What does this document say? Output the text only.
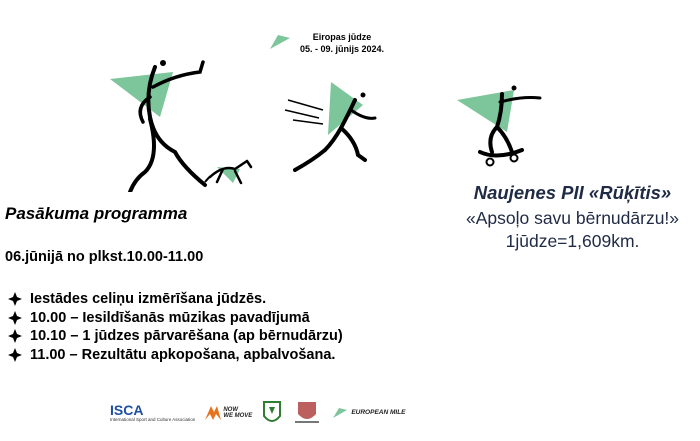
Eiropas jūdze
05. - 09. jūnijs 2024.
Pasākuma programma
06.jūnijā no plkst.10.00-11.00
Iestādes celiņu izmērīšana jūdzēs.
10.00 – Iesildīšanās mūzikas pavadījumā
10.10 – 1 jūdzes pārvarēšana (ap bērnudārzu)
11.00 – Rezultātu apkopošana, apbalvošana.
Naujenes PII «Rūķītis»
«Apsoļo savu bērnudārzu!»
1jūdze=1,609km.
ISCA
International Sport and Culture Association
NOW
WE MOVE	EUROPEAN MILE
